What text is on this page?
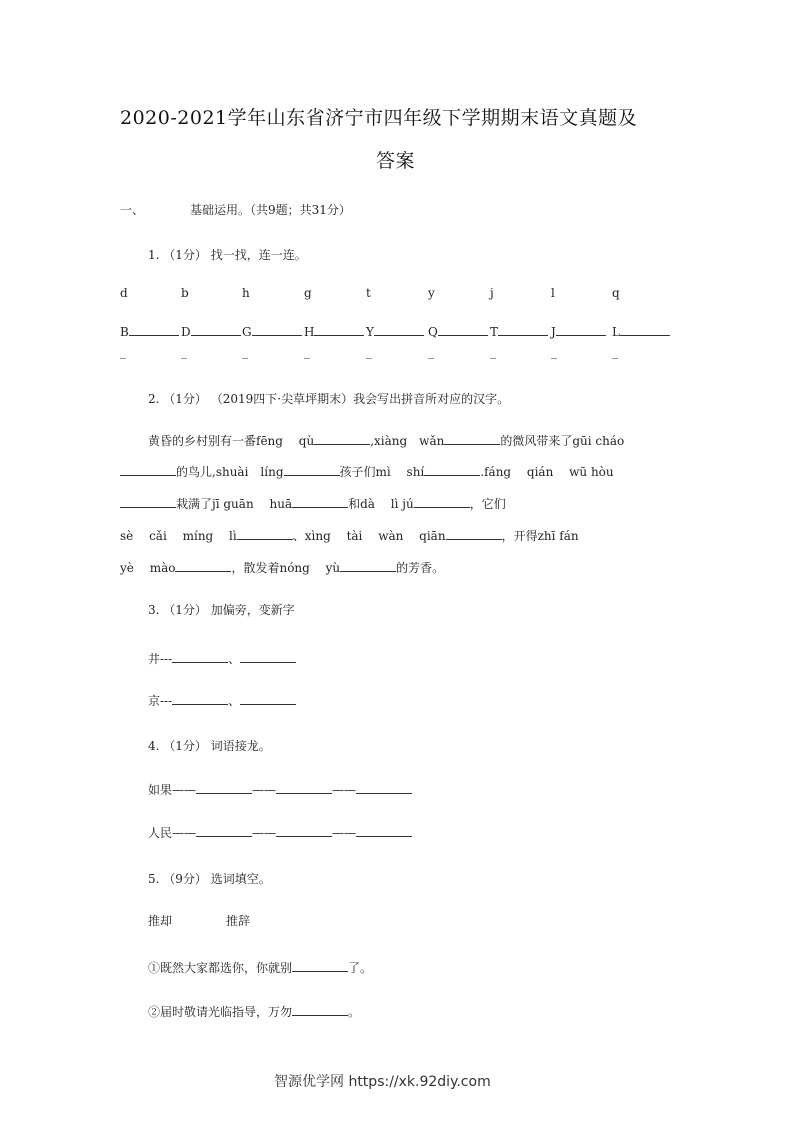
2020-2021学年山东省济宁市四年级下学期期末语文真题及
答案
一、	基础运用。（共9题；共31分）
1. （1分） 找一找，连一连。
d	b	h	g	t	y	j	l	q
B	D	G	H	Y	Q	T	J	L
_	_	_	_	_	_	_	_	_
2. （1分） （2019四下·尖草坪期末）我会写出拼音所对应的汉字。
黄昏的乡村别有一番fēng　 qù	,xiàng　wǎn	的微风带来了gūi cháo
的鸟儿,shuài　líng	孩子们mì　 shí	.fáng　 qián　 wū hòu
栽满了jī guān　 huā	和dà　 lì jú	，它们
sè　 cǎi　 míng　 lì	、xìng　 tài　 wàn　 qiān	，开得zhī fán
yè　 mào	，散发着nóng　 yù	的芳香。
3. （1分） 加偏旁，变新字
井---	、
京---	、
4. （1分） 词语接龙。
如果——	——	——
人民——	——	——
5. （9分） 选词填空。
推却	推辞
①既然大家都选你，你就别	了。
②届时敬请光临指导，万勿	。
智源优学网 https://xk.92diy.com
